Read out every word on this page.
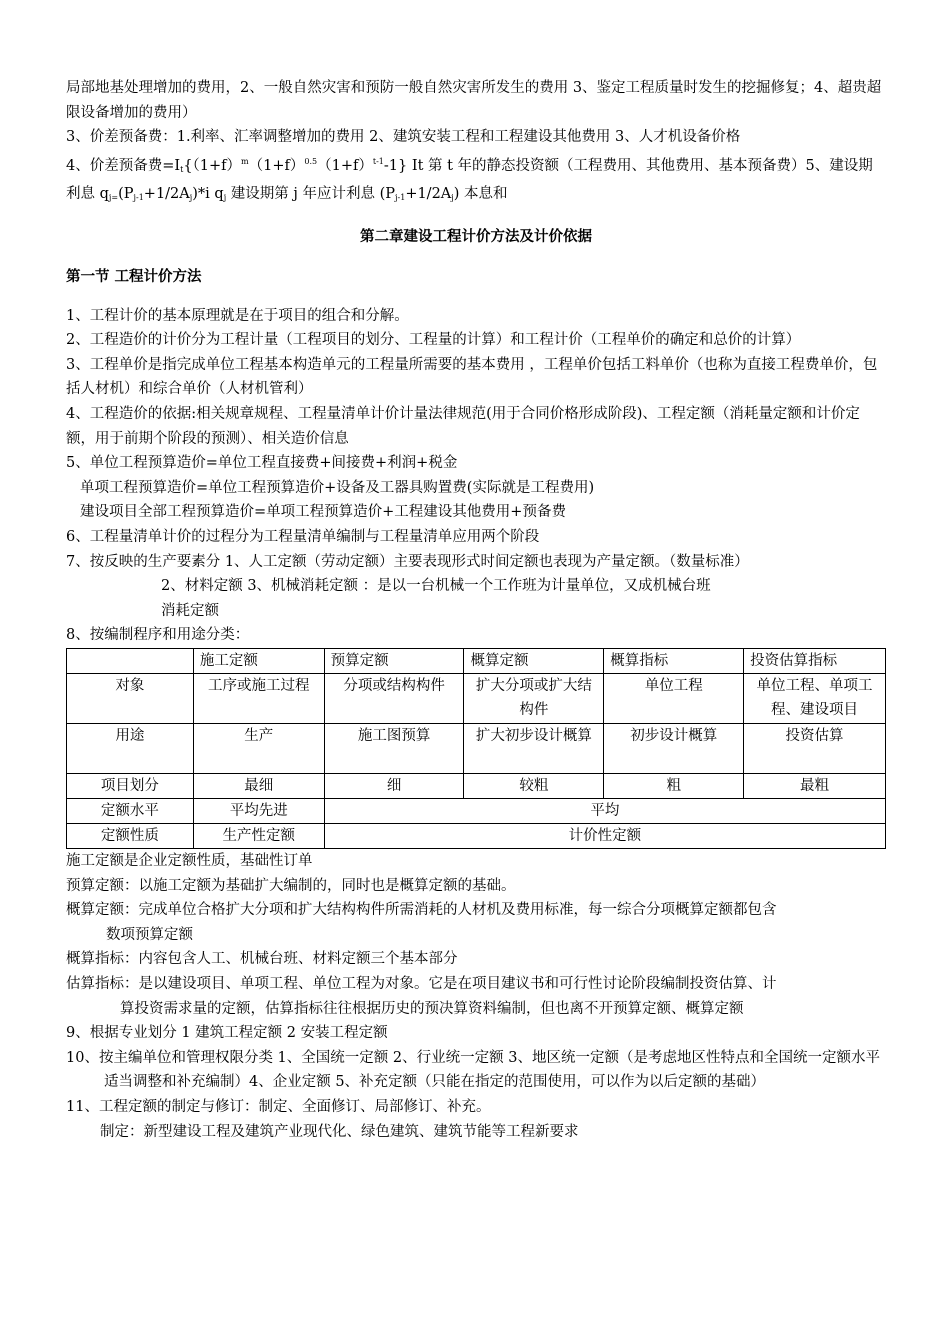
局部地基处理增加的费用，2、一般自然灾害和预防一般自然灾害所发生的费用 3、鉴定工程质量时发生的挖掘修复；4、超贵超限设备增加的费用）

3、价差预备费：1.利率、汇率调整增加的费用 2、建筑安装工程和工程建设其他费用 3、人才机设备价格

4、价差预备费$=I_t\{(1+f)^m(1+f)^{0.5}(1+f)^{t-1}-1\}$ It 第 t 年的静态投资额（工程费用、其他费用、基本预备费）5、建设期利息 $q_{j=}(P_{j-1}+1/2A_j)*i$ $q_j$ 建设期第 j 年应计利息 $(P_{j-1}+1/2A_j)$ 本息和

第二章建设工程计价方法及计价依据

第一节 工程计价方法

1、工程计价的基本原理就是在于项目的组合和分解。

2、工程造价的计价分为工程计量（工程项目的划分、工程量的计算）和工程计价（工程单价的确定和总价的计算）

3、工程单价是指完成单位工程基本构造单元的工程量所需要的基本费用 ，工程单价包括工料单价（也称为直接工程费单价，包括人材机）和综合单价（人材机管利）

4、工程造价的依据:相关规章规程、工程量清单计价计量法律规范(用于合同价格形成阶段)、工程定额（消耗量定额和计价定额，用于前期个阶段的预测）、相关造价信息

5、单位工程预算造价=单位工程直接费+间接费+利润+税金

单项工程预算造价=单位工程预算造价+设备及工器具购置费(实际就是工程费用)

建设项目全部工程预算造价=单项工程预算造价+工程建设其他费用+预备费

6、工程量清单计价的过程分为工程量清单编制与工程量清单应用两个阶段

7、按反映的生产要素分 1、人工定额（劳动定额）主要表现形式时间定额也表现为产量定额。（数量标准）

2、材料定额 3、机械消耗定额 ：是以一台机械一个工作班为计量单位，又成机械台班

消耗定额

8、按编制程序和用途分类：

	施工定额	预算定额	概算定额	概算指标	投资估算指标
对象	工序或施工过程	分项或结构构件	扩大分项或扩大结构件	单位工程	单位工程、单项工程、建设项目
用途	生产	施工图预算	扩大初步设计概算	初步设计概算	投资估算
项目划分	最细	细	较粗	粗	最粗
定额水平	平均先进	平均			
定额性质	生产性定额	计价性定额			

施工定额是企业定额性质，基础性订单

预算定额：以施工定额为基础扩大编制的，同时也是概算定额的基础。

概算定额：完成单位合格扩大分项和扩大结构构件所需消耗的人材机及费用标准，每一综合分项概算定额都包含

数项预算定额

概算指标：内容包含人工、机械台班、材料定额三个基本部分

估算指标：是以建设项目、单项工程、单位工程为对象。它是在项目建议书和可行性讨论阶段编制投资估算、计

算投资需求量的定额，估算指标往往根据历史的预决算资料编制，但也离不开预算定额、概算定额

9、根据专业划分 1 建筑工程定额 2 安装工程定额

10、按主编单位和管理权限分类 1、全国统一定额 2、行业统一定额 3、地区统一定额（是考虑地区性特点和全国统一定额水平适当调整和补充编制）4、企业定额 5、补充定额（只能在指定的范围使用，可以作为以后定额的基础）

11、工程定额的制定与修订：制定、全面修订、局部修订、补充。

制定：新型建设工程及建筑产业现代化、绿色建筑、建筑节能等工程新要求
